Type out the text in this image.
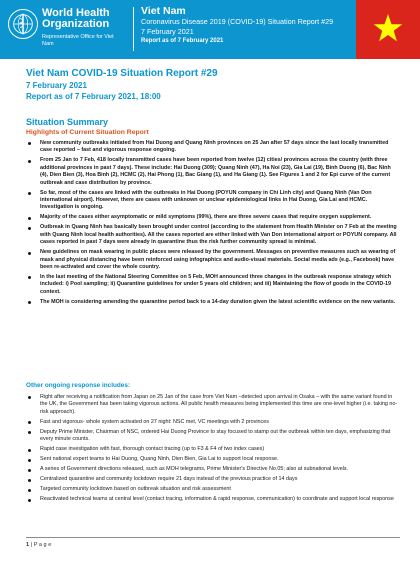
World Health Organization
Representative Office for Viet Nam
Viet Nam
Coronavirus Disease 2019 (COVID-19) Situation Report #29
7 February 2021
Report as of 7 February 2021
Viet Nam COVID-19 Situation Report #29
7 February 2021
Report as of 7 February 2021, 18:00
Situation Summary
Highlights of Current Situation Report
New community outbreaks initiated from Hai Duong and Quang Ninh provinces on 25 Jan after 57 days since the last locally transmitted case reported – fast and vigorous response ongoing.
From 25 Jan to 7 Feb, 418 locally transmitted cases have been reported from twelve (12) cities/ provinces across the country (with three additional provinces in past 7 days). These include: Hai Duong (309); Quang Ninh (47), Ha Noi (23), Gia Lai (19), Binh Duong (6), Bac Ninh (4), Dien Bien (3), Hoa Binh (2), HCMC (2), Hai Phong (1), Bac Giang (1), and Ha Giang (1). See Figures 1 and 2 for Epi curve of the current outbreak and case distribution by province.
So far, most of the cases are linked with the outbreaks in Hai Duong (POYUN company in Chi Linh city) and Quang Ninh (Van Don international airport). However, there are cases with unknown or unclear epidemiological links in Hai Duong, Gia Lai and HCMC. Investigation is ongoing.
Majority of the cases either asymptomatic or mild symptoms (99%), there are three severe cases that require oxygen supplement.
Outbreak in Quang Ninh has basically been brought under control (according to the statement from Health Minister on 7 Feb at the meeting with Quang Ninh local health authorities). All the cases reported are either linked with Van Don international airport or POYUN company. All cases reported in past 7 days were already in quarantine thus the risk further community spread is minimal.
New guidelines on mask wearing in public places were released by the government. Messages on preventive measures such as wearing of mask and physical distancing have been reinforced using infographics and audio-visual materials. Social media ads (e.g., Facebook) have been re-activated and cover the whole country.
In the last meeting of the National Steering Committee on 5 Feb, MOH announced three changes in the outbreak response strategy which included: i) Pool sampling; ii) Quarantine guidelines for under 5 years old children; and iii) Maintaining the flow of goods in the COVID-19 context.
The MOH is considering amending the quarantine period back to a 14-day duration given the latest scientific evidence on the new variants.
Other ongoing response includes:
Right after receiving a notification from Japan on 25 Jan of the case from Viet Nam –detected upon arrival in Osaka – with the same variant found in the UK, the Government has been taking vigorous actions. All public health measures being implemented this time are one-level higher (i.e. taking no-risk approach).
Fast and vigorous- whole system activated on 27 night: NSC met, VC meetings with 2 provinces
Deputy Prime Minister, Chairman of NSC, ordered Hai Duong Province to stay focused to stamp out the outbreak within ten days, emphasizing that every minute counts.
Rapid case investigation with fast, thorough contact tracing (up to F3 & F4 of two index cases)
Sent national expert teams to Hai Duong, Quang Ninh, Dien Bien, Gia Lai to support local response.
A series of Government directions released, such as MOH telegrams, Prime Minister's Directive No.05; also at subnational levels.
Centralized quarantine and community lockdown require 21 days instead of the previous practice of 14 days
Targeted community lockdown based on outbreak situation and risk assessment
Reactivated technical teams at central level (contact tracing, information & rapid response, communication) to coordinate and support local response
1 | P a g e
